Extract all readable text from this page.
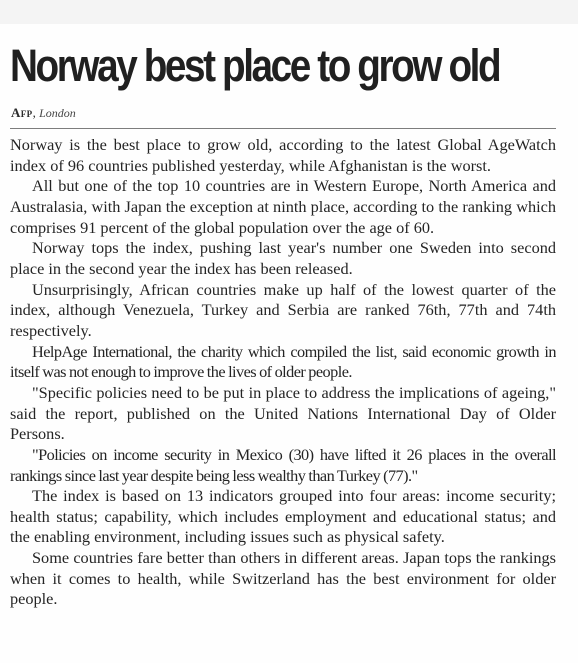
Norway best place to grow old
Afp, London

Norway is the best place to grow old, according to the latest Global AgeWatch index of 96 countries published yesterday, while Afghanistan is the worst.

All but one of the top 10 countries are in Western Europe, North America and Australasia, with Japan the exception at ninth place, according to the ranking which comprises 91 percent of the global population over the age of 60.

Norway tops the index, pushing last year's number one Sweden into second place in the second year the index has been released.

Unsurprisingly, African countries make up half of the lowest quarter of the index, although Venezuela, Turkey and Serbia are ranked 76th, 77th and 74th respectively.

HelpAge International, the charity which compiled the list, said economic growth in itself was not enough to improve the lives of older people.

"Specific policies need to be put in place to address the implications of ageing," said the report, published on the United Nations International Day of Older Persons.

"Policies on income security in Mexico (30) have lifted it 26 places in the overall rankings since last year despite being less wealthy than Turkey (77)."

The index is based on 13 indicators grouped into four areas: income security; health status; capability, which includes employment and educational status; and the enabling environment, including issues such as physical safety.

Some countries fare better than others in different areas. Japan tops the rankings when it comes to health, while Switzerland has the best environment for older people.
